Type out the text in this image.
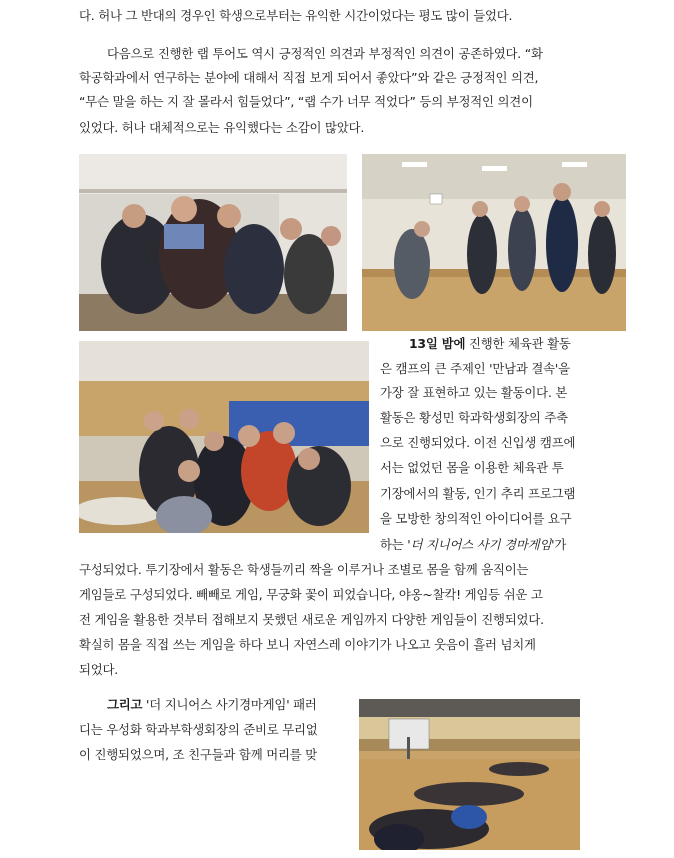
다. 허나 그 반대의 경우인 학생으로부터는 유익한 시간이었다는 평도 많이 들었다.
다음으로 진행한 랩 투어도 역시 긍정적인 의견과 부정적인 의견이 공존하였다. “화
학공학과에서 연구하는 분야에 대해서 직접 보게 되어서 좋았다”와 같은 긍정적인 의견,
“무슨 말을 하는 지 잘 몰라서 힘들었다”, “랩 수가 너무 적었다” 등의 부정적인 의견이
있었다. 허나 대체적으로는 유익했다는 소감이 많았다.
13일 밤에 진행한 체육관 활동
은 캠프의 큰 주제인 '만남과 결속'을
가장 잘 표현하고 있는 활동이다. 본
활동은 황성민 학과학생회장의 주축
으로 진행되었다. 이전 신입생 캠프에
서는 없었던 몸을 이용한 체육관 투
기장에서의 활동, 인기 추리 프로그램
을 모방한 창의적인 아이디어를 요구
하는 '더 지니어스 사기 경마게임'가
구성되었다. 투기장에서 활동은 학생들끼리 짝을 이루거나 조별로 몸을 함께 움직이는
게임들로 구성되었다. 빼빼로 게임, 무궁화 꽃이 피었습니다, 야옹~찰칵! 게임등 쉬운 고
전 게임을 활용한 것부터 접해보지 못했던 새로운 게임까지 다양한 게임들이 진행되었다.
확실히 몸을 직접 쓰는 게임을 하다 보니 자연스레 이야기가 나오고 웃음이 흘러 넘치게
되었다.
그리고 '더 지니어스 사기경마게임' 패러
디는 우성화 학과부학생회장의 준비로 무리없
이 진행되었으며, 조 친구들과 함께 머리를 맞
